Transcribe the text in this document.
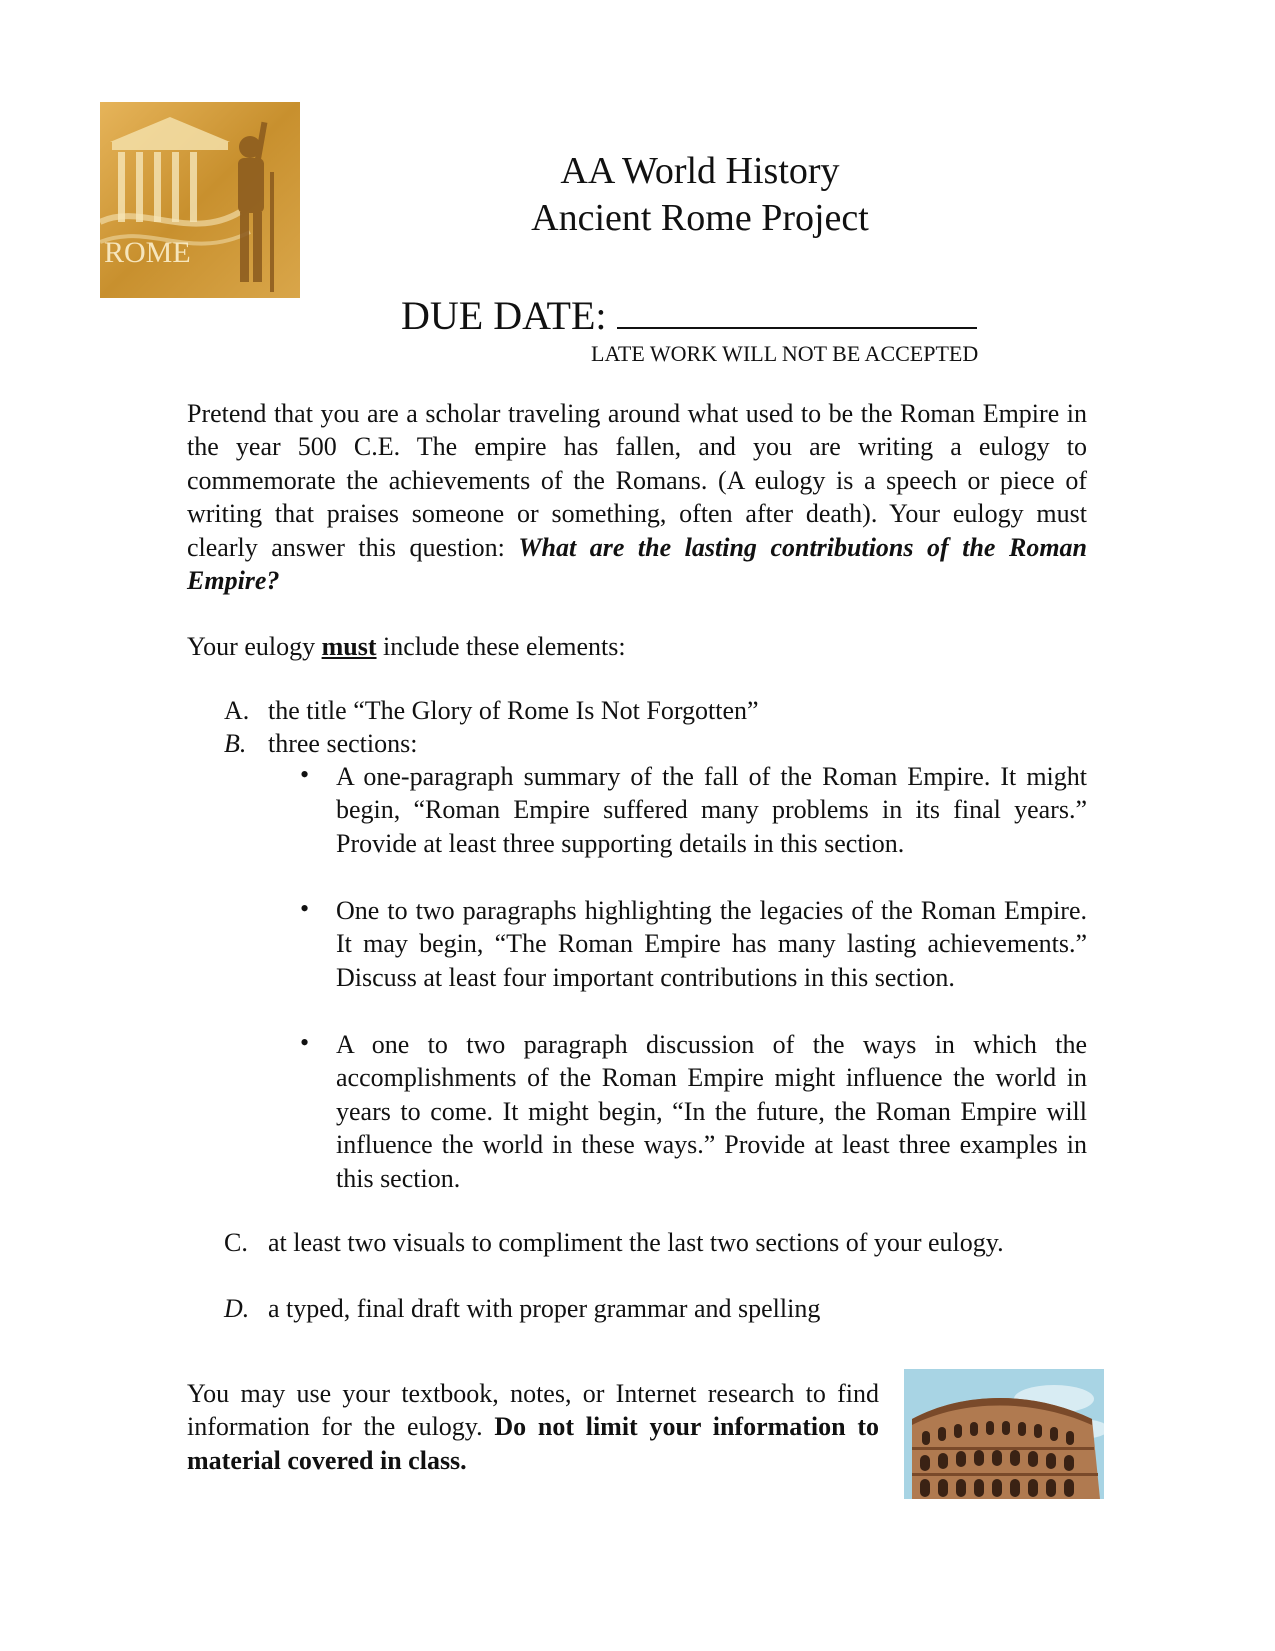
ROME
AA World History
Ancient Rome Project
DUE DATE:
LATE WORK WILL NOT BE ACCEPTED
Pretend that you are a scholar traveling around what used to be the Roman Empire in the year 500 C.E. The empire has fallen, and you are writing a eulogy to commemorate the achievements of the Romans. (A eulogy is a speech or piece of writing that praises someone or something, often after death). Your eulogy must clearly answer this question: What are the lasting contributions of the Roman Empire?
Your eulogy must include these elements:
A. the title “The Glory of Rome Is Not Forgotten”
B. three sections:
• A one-paragraph summary of the fall of the Roman Empire. It might begin, “Roman Empire suffered many problems in its final years.” Provide at least three supporting details in this section.
• One to two paragraphs highlighting the legacies of the Roman Empire. It may begin, “The Roman Empire has many lasting achievements.” Discuss at least four important contributions in this section.
• A one to two paragraph discussion of the ways in which the accomplishments of the Roman Empire might influence the world in years to come. It might begin, “In the future, the Roman Empire will influence the world in these ways.” Provide at least three examples in this section.
C. at least two visuals to compliment the last two sections of your eulogy.
D. a typed, final draft with proper grammar and spelling
You may use your textbook, notes, or Internet research to find information for the eulogy. Do not limit your information to material covered in class.
